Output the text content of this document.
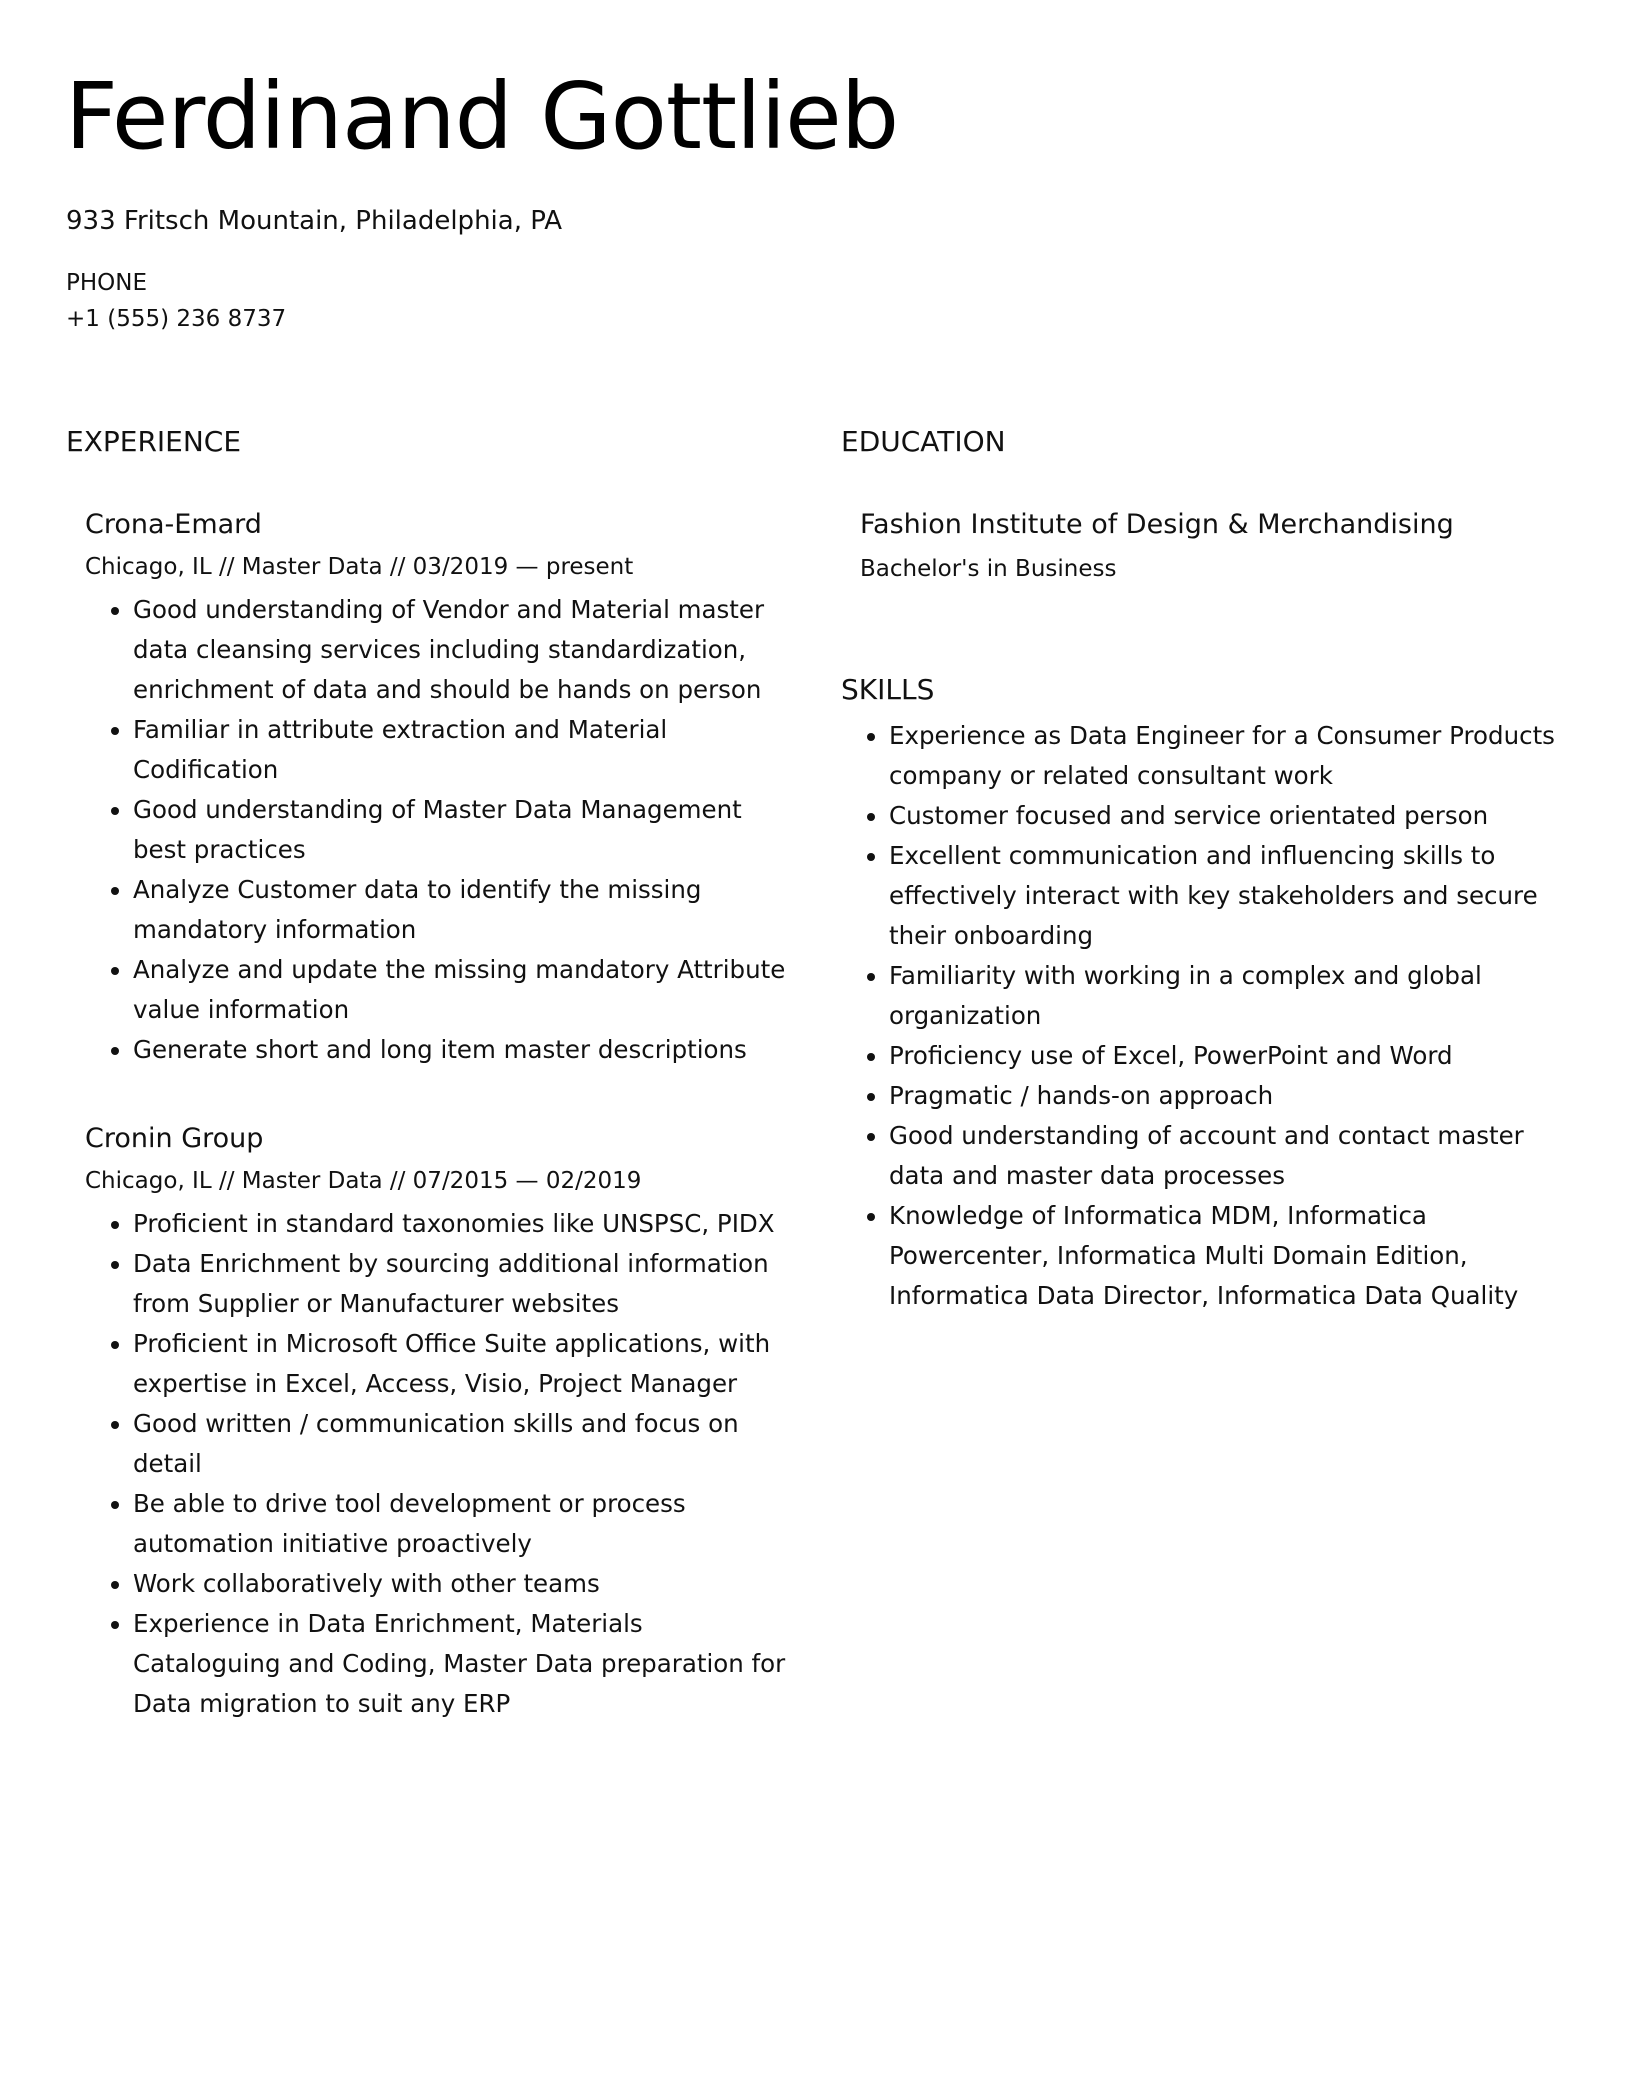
Ferdinand Gottlieb
933 Fritsch Mountain, Philadelphia, PA
PHONE
+1 (555) 236 8737
EXPERIENCE
Crona-Emard
Chicago, IL // Master Data // 03/2019 — present
• Good understanding of Vendor and Material master data cleansing services including standardization, enrichment of data and should be hands on person
• Familiar in attribute extraction and Material Codification
• Good understanding of Master Data Management best practices
• Analyze Customer data to identify the missing mandatory information
• Analyze and update the missing mandatory Attribute value information
• Generate short and long item master descriptions
Cronin Group
Chicago, IL // Master Data // 07/2015 — 02/2019
• Proficient in standard taxonomies like UNSPSC, PIDX
• Data Enrichment by sourcing additional information from Supplier or Manufacturer websites
• Proficient in Microsoft Office Suite applications, with expertise in Excel, Access, Visio, Project Manager
• Good written / communication skills and focus on detail
• Be able to drive tool development or process automation initiative proactively
• Work collaboratively with other teams
• Experience in Data Enrichment, Materials Cataloguing and Coding, Master Data preparation for Data migration to suit any ERP
EDUCATION
Fashion Institute of Design & Merchandising
Bachelor's in Business
SKILLS
• Experience as Data Engineer for a Consumer Products company or related consultant work
• Customer focused and service orientated person
• Excellent communication and influencing skills to effectively interact with key stakeholders and secure their onboarding
• Familiarity with working in a complex and global organization
• Proficiency use of Excel, PowerPoint and Word
• Pragmatic / hands-on approach
• Good understanding of account and contact master data and master data processes
• Knowledge of Informatica MDM, Informatica Powercenter, Informatica Multi Domain Edition, Informatica Data Director, Informatica Data Quality
